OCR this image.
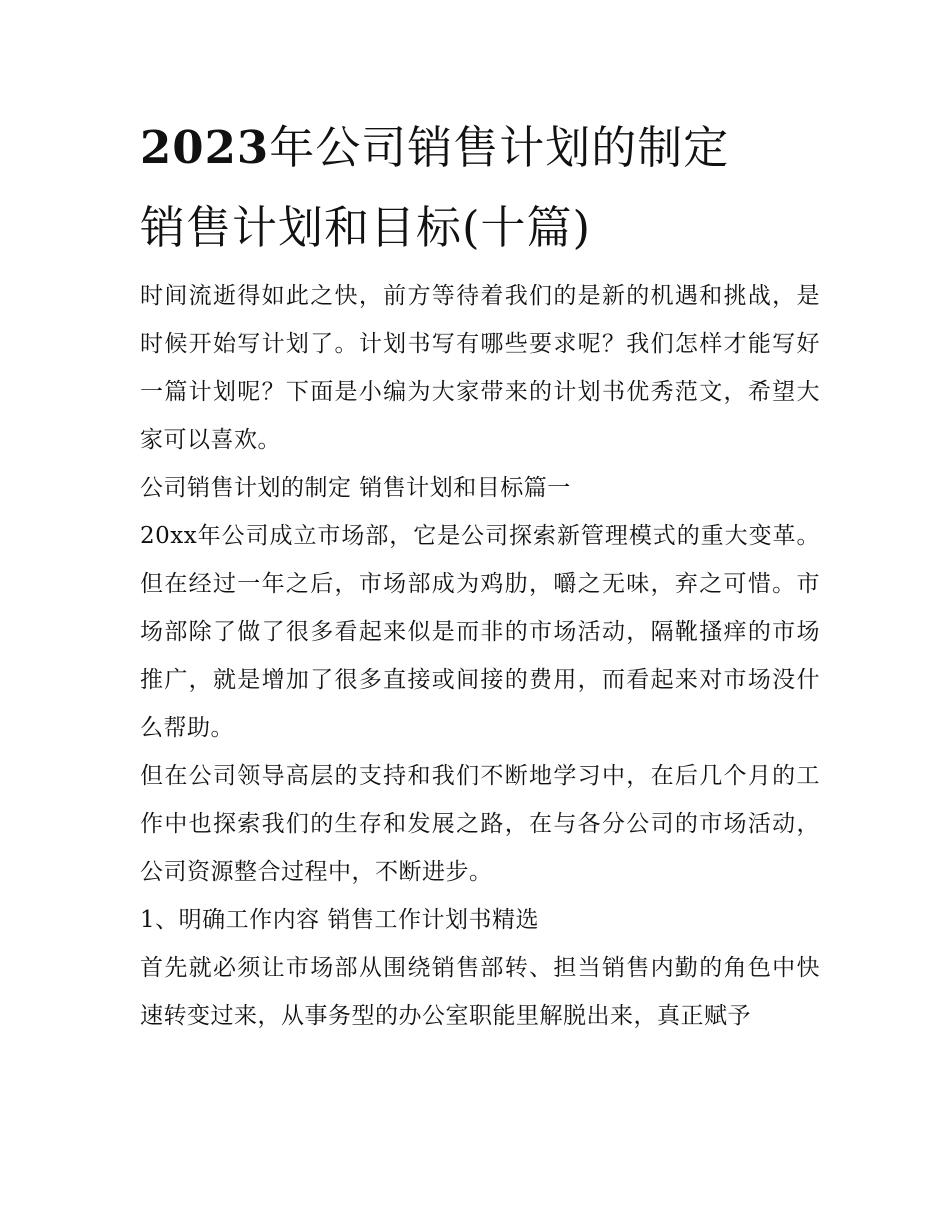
2023年公司销售计划的制定
销售计划和目标(十篇)

时间流逝得如此之快，前方等待着我们的是新的机遇和挑战，是时候开始写计划了。计划书写有哪些要求呢？我们怎样才能写好一篇计划呢？下面是小编为大家带来的计划书优秀范文，希望大家可以喜欢。

公司销售计划的制定 销售计划和目标篇一

20xx年公司成立市场部，它是公司探索新管理模式的重大变革。但在经过一年之后，市场部成为鸡肋，嚼之无味，弃之可惜。市场部除了做了很多看起来似是而非的市场活动，隔靴搔痒的市场推广，就是增加了很多直接或间接的费用，而看起来对市场没什么帮助。

但在公司领导高层的支持和我们不断地学习中，在后几个月的工作中也探索我们的生存和发展之路，在与各分公司的市场活动，公司资源整合过程中，不断进步。

1、明确工作内容 销售工作计划书精选

首先就必须让市场部从围绕销售部转、担当销售内勤的角色中快速转变过来，从事务型的办公室职能里解脱出来，真正赋予
